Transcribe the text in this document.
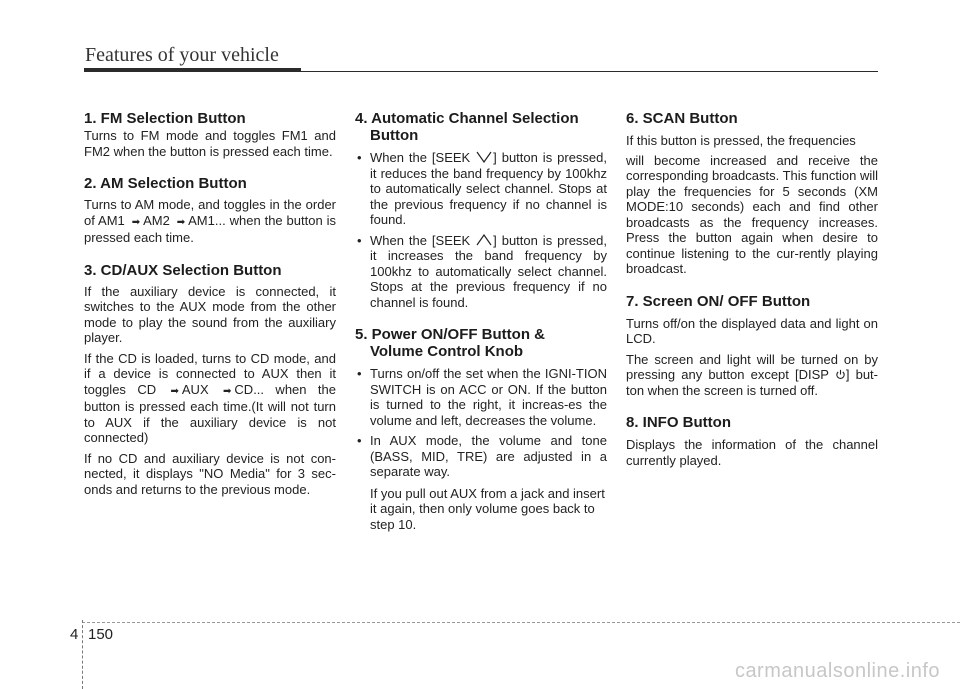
Features of your vehicle
1. FM Selection Button

Turns to FM mode and toggles FM1 and FM2 when the button is pressed each time.

2. AM Selection Button

Turns to AM mode, and toggles in the order of AM1 ➡ AM2 ➡ AM1... when the button is pressed each time.

3. CD/AUX Selection Button

If the auxiliary device is connected, it switches to the AUX mode from the other mode to play the sound from the auxiliary player.

If the CD is loaded, turns to CD mode, and if a device is connected to AUX then it toggles CD ➡ AUX ➡ CD... when the button is pressed each time.(It will not turn to AUX if the auxiliary device is not connected)

If no CD and auxiliary device is not con-nected, it displays "NO Media" for 3 sec-onds and returns to the previous mode.

4. Automatic Channel Selection
Button
• When the [SEEK ] button is pressed, it reduces the band frequency by 100khz to automatically select channel. Stops at the previous frequency if no channel is found.
• When the [SEEK ] button is pressed, it increases the band frequency by 100khz to automatically select channel. Stops at the previous frequency if no channel is found.
5. Power ON/OFF Button &
Volume Control Knob
• Turns on/off the set when the IGNI-TION SWITCH is on ACC or ON. If the button is turned to the right, it increas-es the volume and left, decreases the volume.
• In AUX mode, the volume and tone (BASS, MID, TRE) are adjusted in a separate way.

If you pull out AUX from a jack and insert it again, then only volume goes back to step 10.

6. SCAN Button

If this button is pressed, the frequencies

will become increased and receive the corresponding broadcasts. This function will play the frequencies for 5 seconds (XM MODE:10 seconds) each and find other broadcasts as the frequency increases. Press the button again when desire to continue listening to the cur-rently playing broadcast.

7. Screen ON/ OFF Button

Turns off/on the displayed data and light on LCD.

The screen and light will be turned on by pressing any button except [DISP ] but-ton when the screen is turned off.

8. INFO Button

Displays the information of the channel currently played.

4 150
carmanualsonline.info
